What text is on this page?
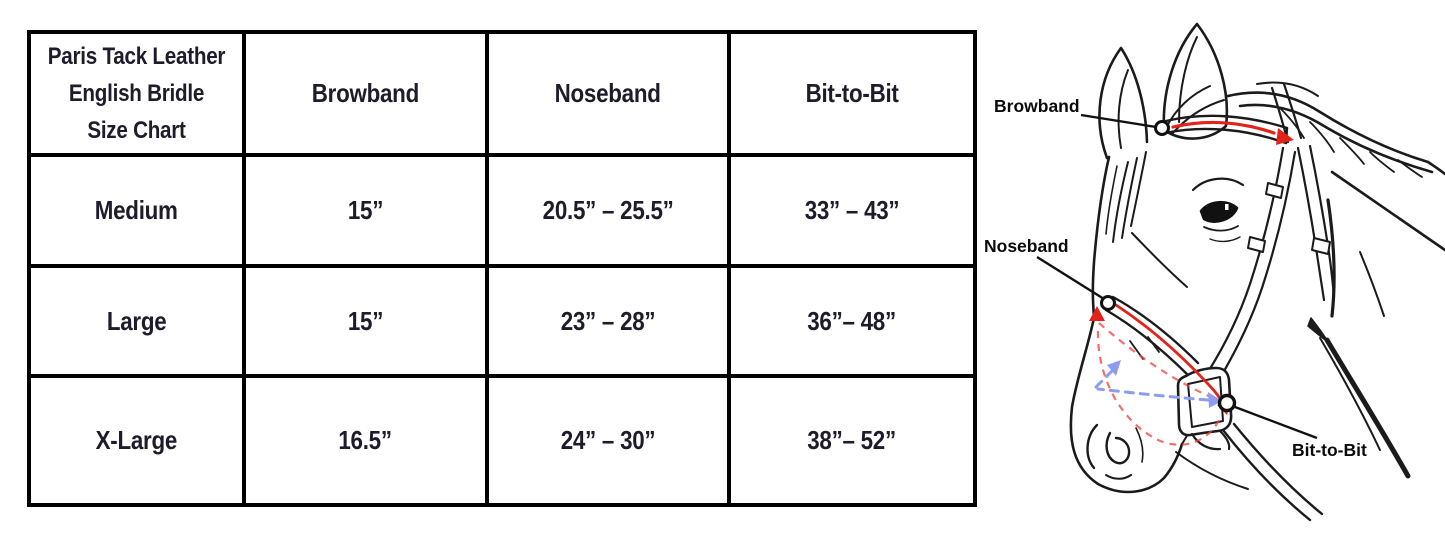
Paris Tack Leather
English Bridle
Size Chart	Browband	Noseband	Bit-to-Bit
Medium	15”	20.5” – 25.5”	33” – 43”
Large	15”	23” – 28”	36”– 48”
X-Large	16.5”	24” – 30”	38”– 52”
Browband
Noseband
Bit-to-Bit
